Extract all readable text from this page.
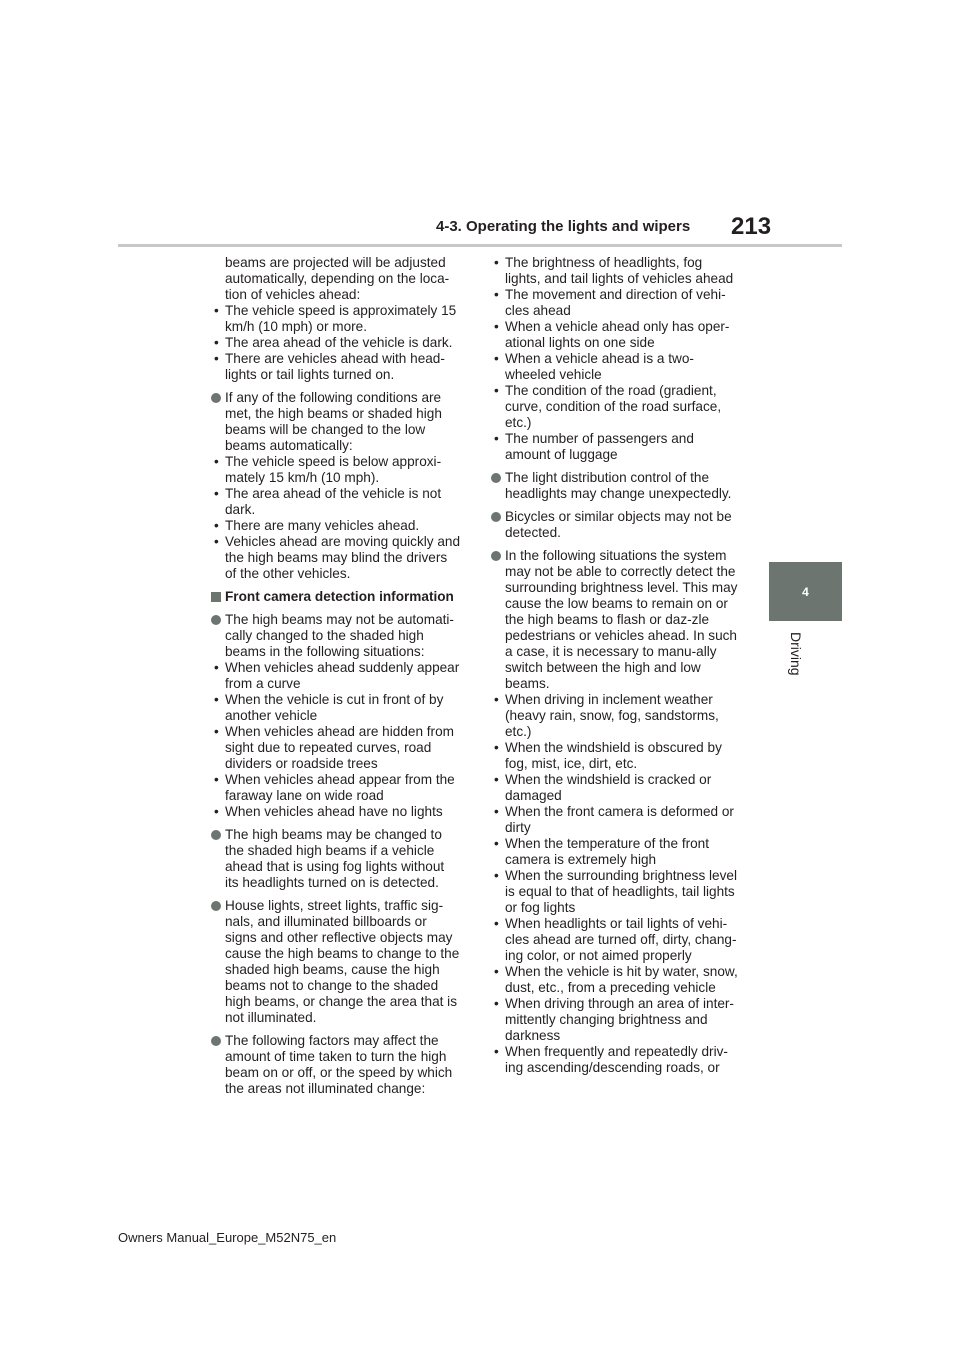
4-3. Operating the lights and wipers 213
4
Driving

beams are projected will be adjusted automatically, depending on the loca-tion of vehicles ahead:

• The vehicle speed is approximately 15 km/h (10 mph) or more.
• The area ahead of the vehicle is dark.
• There are vehicles ahead with head-lights or tail lights turned on.

If any of the following conditions are met, the high beams or shaded high beams will be changed to the low beams automatically:

• The vehicle speed is below approxi-mately 15 km/h (10 mph).
• The area ahead of the vehicle is not dark.
• There are many vehicles ahead.
• Vehicles ahead are moving quickly and the high beams may blind the drivers of the other vehicles.
Front camera detection information

The high beams may not be automati-cally changed to the shaded high beams in the following situations:

• When vehicles ahead suddenly appear from a curve
• When the vehicle is cut in front of by another vehicle
• When vehicles ahead are hidden from sight due to repeated curves, road dividers or roadside trees
• When vehicles ahead appear from the faraway lane on wide road
• When vehicles ahead have no lights

The high beams may be changed to the shaded high beams if a vehicle ahead that is using fog lights without its headlights turned on is detected.

House lights, street lights, traffic sig-nals, and illuminated billboards or signs and other reflective objects may cause the high beams to change to the shaded high beams, cause the high beams not to change to the shaded high beams, or change the area that is not illuminated.

The following factors may affect the amount of time taken to turn the high beam on or off, or the speed by which the areas not illuminated change:

• The brightness of headlights, fog lights, and tail lights of vehicles ahead
• The movement and direction of vehi-cles ahead
• When a vehicle ahead only has oper-ational lights on one side
• When a vehicle ahead is a two-wheeled vehicle
• The condition of the road (gradient, curve, condition of the road surface, etc.)
• The number of passengers and amount of luggage

The light distribution control of the headlights may change unexpectedly.

Bicycles or similar objects may not be detected.

In the following situations the system may not be able to correctly detect the surrounding brightness level. This may cause the low beams to remain on or the high beams to flash or daz-zle pedestrians or vehicles ahead. In such a case, it is necessary to manu-ally switch between the high and low beams.

• When driving in inclement weather (heavy rain, snow, fog, sandstorms, etc.)
• When the windshield is obscured by fog, mist, ice, dirt, etc.
• When the windshield is cracked or damaged
• When the front camera is deformed or dirty
• When the temperature of the front camera is extremely high
• When the surrounding brightness level is equal to that of headlights, tail lights or fog lights
• When headlights or tail lights of vehi-cles ahead are turned off, dirty, chang-ing color, or not aimed properly
• When the vehicle is hit by water, snow, dust, etc., from a preceding vehicle
• When driving through an area of inter-mittently changing brightness and darkness
• When frequently and repeatedly driv-ing ascending/descending roads, or
Owners Manual_Europe_M52N75_en
